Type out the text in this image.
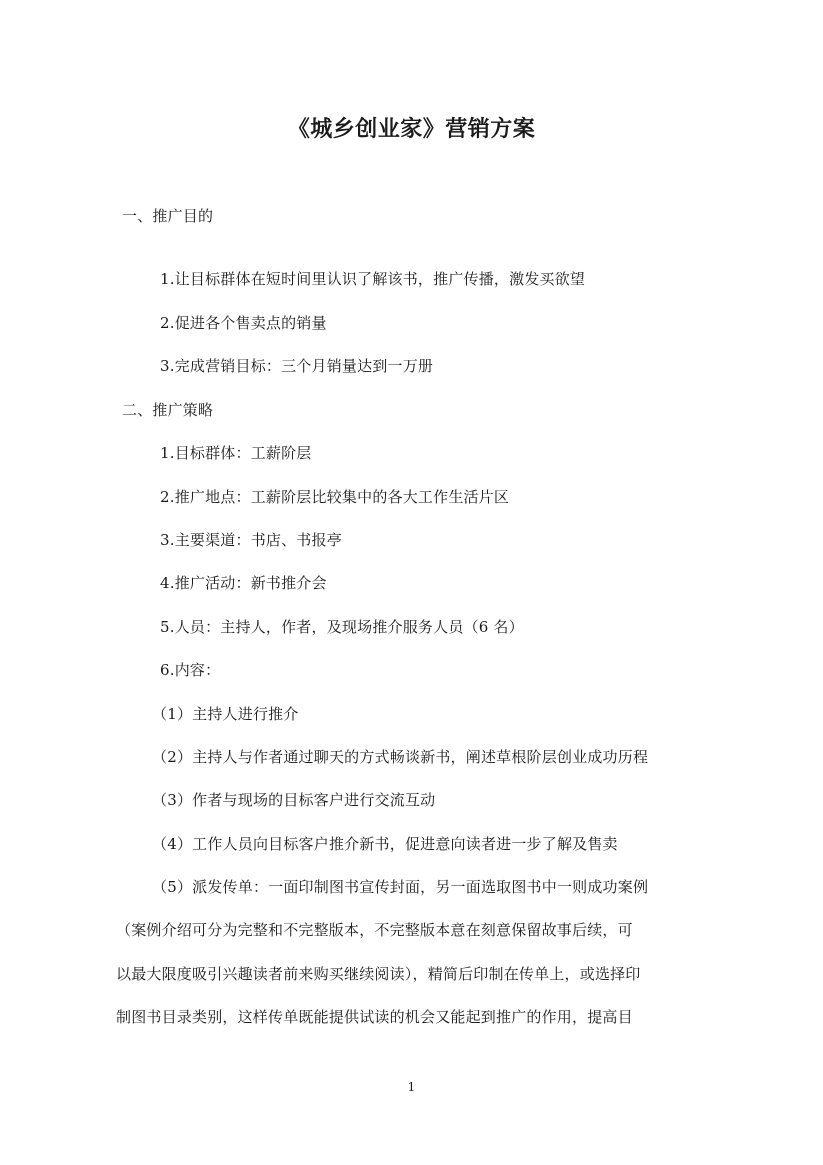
《城乡创业家》营销方案
一、推广目的
1.让目标群体在短时间里认识了解该书，推广传播，激发买欲望
2.促进各个售卖点的销量
3.完成营销目标：三个月销量达到一万册
二、推广策略
1.目标群体：工薪阶层
2.推广地点：工薪阶层比较集中的各大工作生活片区
3.主要渠道：书店、书报亭
4.推广活动：新书推介会
5.人员：主持人，作者，及现场推介服务人员（6 名）
6.内容：
（1）主持人进行推介
（2）主持人与作者通过聊天的方式畅谈新书，阐述草根阶层创业成功历程
（3）作者与现场的目标客户进行交流互动
（4）工作人员向目标客户推介新书，促进意向读者进一步了解及售卖
（5）派发传单：一面印制图书宣传封面，另一面选取图书中一则成功案例
（案例介绍可分为完整和不完整版本，不完整版本意在刻意保留故事后续，可
以最大限度吸引兴趣读者前来购买继续阅读），精简后印制在传单上，或选择印
制图书目录类别，这样传单既能提供试读的机会又能起到推广的作用，提高目
1
